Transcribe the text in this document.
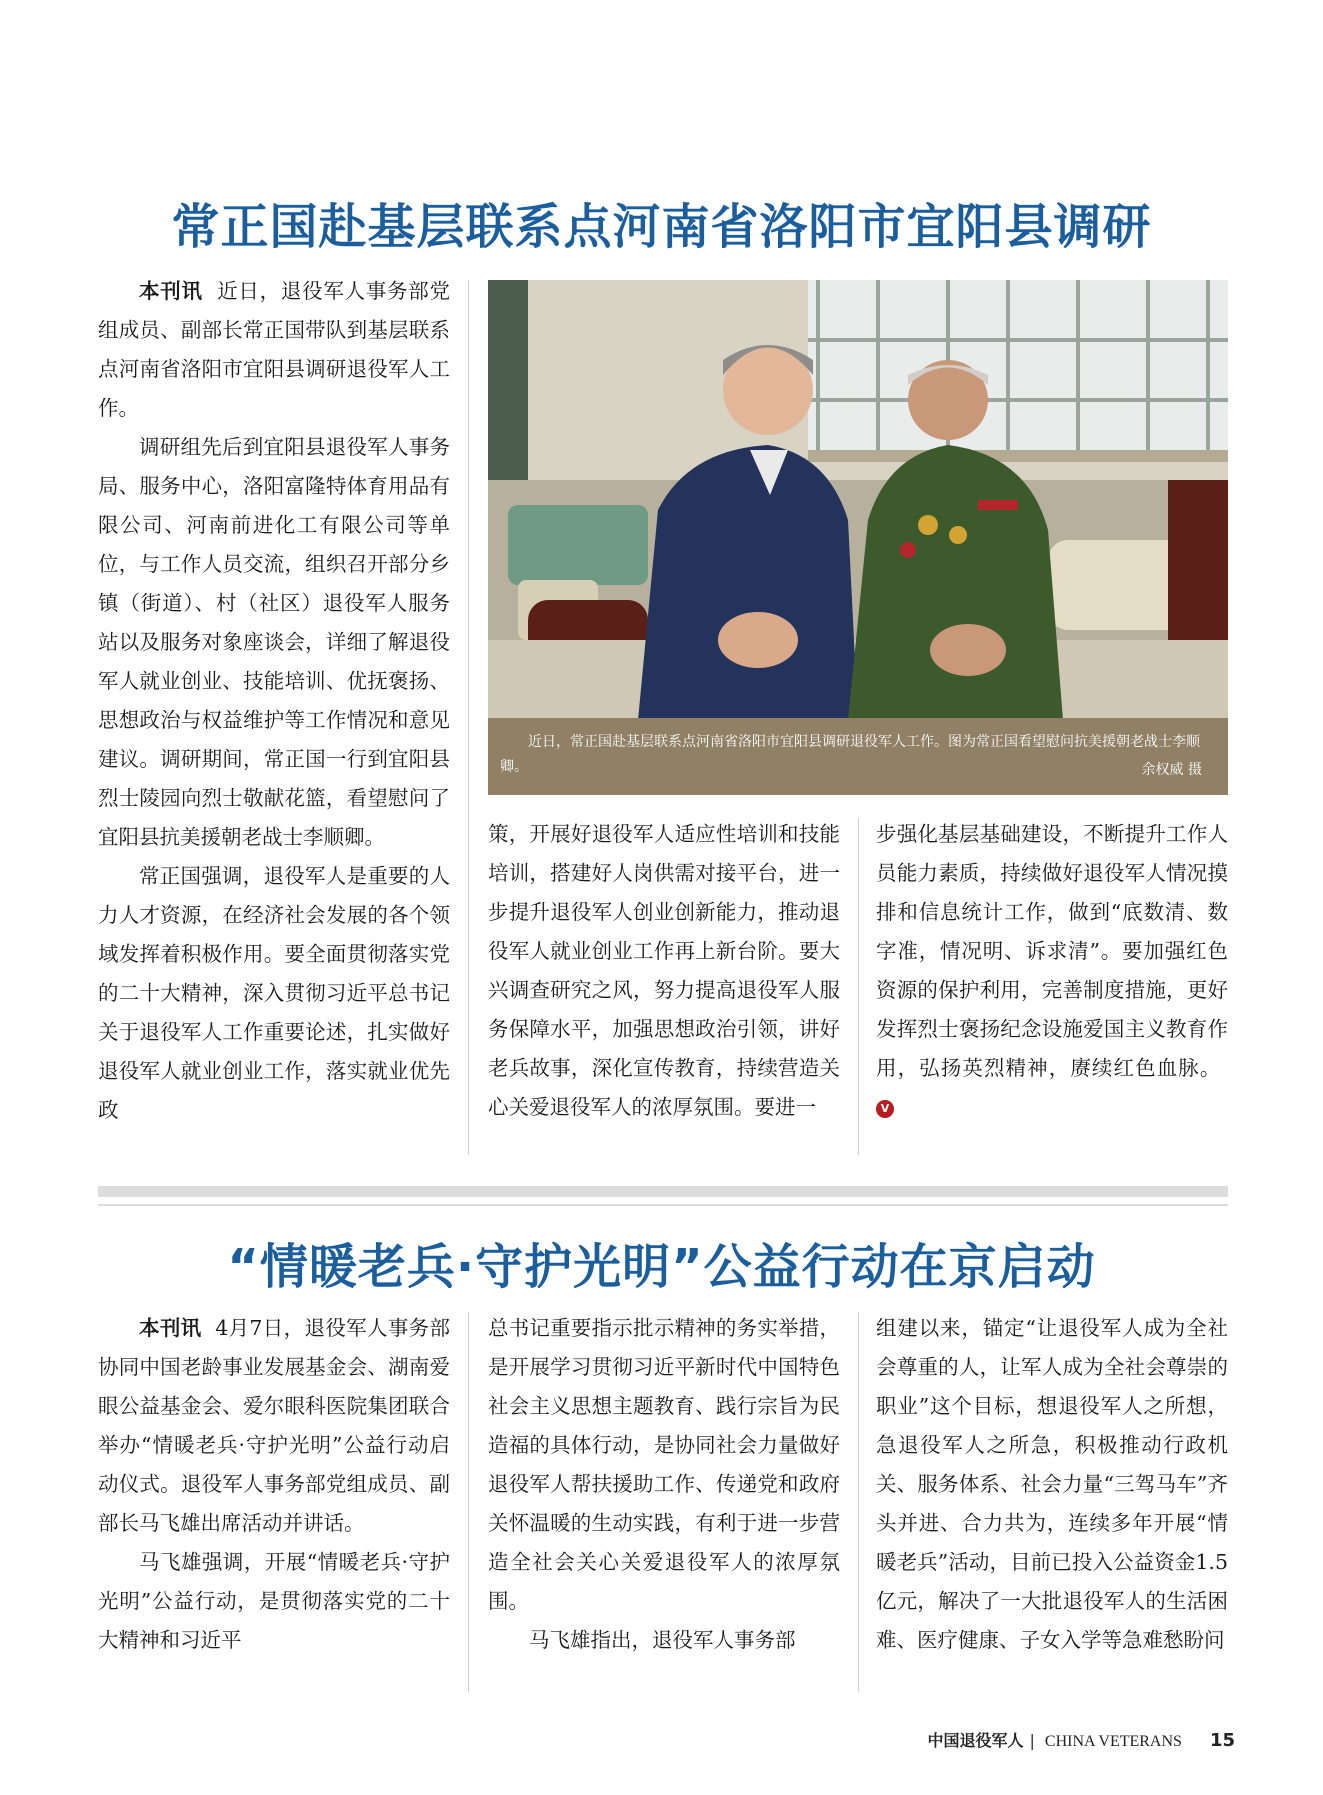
常正国赴基层联系点河南省洛阳市宜阳县调研

本刊讯 近日，退役军人事务部党组成员、副部长常正国带队到基层联系点河南省洛阳市宜阳县调研退役军人工作。

调研组先后到宜阳县退役军人事务局、服务中心，洛阳富隆特体育用品有限公司、河南前进化工有限公司等单位，与工作人员交流，组织召开部分乡镇（街道）、村（社区）退役军人服务站以及服务对象座谈会，详细了解退役军人就业创业、技能培训、优抚褒扬、思想政治与权益维护等工作情况和意见建议。调研期间，常正国一行到宜阳县烈士陵园向烈士敬献花篮，看望慰问了宜阳县抗美援朝老战士李顺卿。

常正国强调，退役军人是重要的人力人才资源，在经济社会发展的各个领域发挥着积极作用。要全面贯彻落实党的二十大精神，深入贯彻习近平总书记关于退役军人工作重要论述，扎实做好退役军人就业创业工作，落实就业优先政

近日，常正国赴基层联系点河南省洛阳市宜阳县调研退役军人工作。图为常正国看望慰问抗美援朝老战士李顺卿。	余权威 摄

策，开展好退役军人适应性培训和技能培训，搭建好人岗供需对接平台，进一步提升退役军人创业创新能力，推动退役军人就业创业工作再上新台阶。要大兴调查研究之风，努力提高退役军人服务保障水平，加强思想政治引领，讲好老兵故事，深化宣传教育，持续营造关心关爱退役军人的浓厚氛围。要进一

步强化基层基础建设，不断提升工作人员能力素质，持续做好退役军人情况摸排和信息统计工作，做到“底数清、数字准，情况明、诉求清”。要加强红色资源的保护利用，完善制度措施，更好发挥烈士褒扬纪念设施爱国主义教育作用，弘扬英烈精神，赓续红色血脉。 V

“情暖老兵·守护光明”公益行动在京启动

本刊讯 4月7日，退役军人事务部协同中国老龄事业发展基金会、湖南爱眼公益基金会、爱尔眼科医院集团联合举办“情暖老兵·守护光明”公益行动启动仪式。退役军人事务部党组成员、副部长马飞雄出席活动并讲话。

马飞雄强调，开展“情暖老兵·守护光明”公益行动，是贯彻落实党的二十大精神和习近平

总书记重要指示批示精神的务实举措，是开展学习贯彻习近平新时代中国特色社会主义思想主题教育、践行宗旨为民造福的具体行动，是协同社会力量做好退役军人帮扶援助工作、传递党和政府关怀温暖的生动实践，有利于进一步营造全社会关心关爱退役军人的浓厚氛围。

马飞雄指出，退役军人事务部

组建以来，锚定“让退役军人成为全社会尊重的人，让军人成为全社会尊崇的职业”这个目标，想退役军人之所想，急退役军人之所急，积极推动行政机关、服务体系、社会力量“三驾马车”齐头并进、合力共为，连续多年开展“情暖老兵”活动，目前已投入公益资金1.5亿元，解决了一大批退役军人的生活困难、医疗健康、子女入学等急难愁盼问

中国退役军人 | CHINA VETERANS 15
